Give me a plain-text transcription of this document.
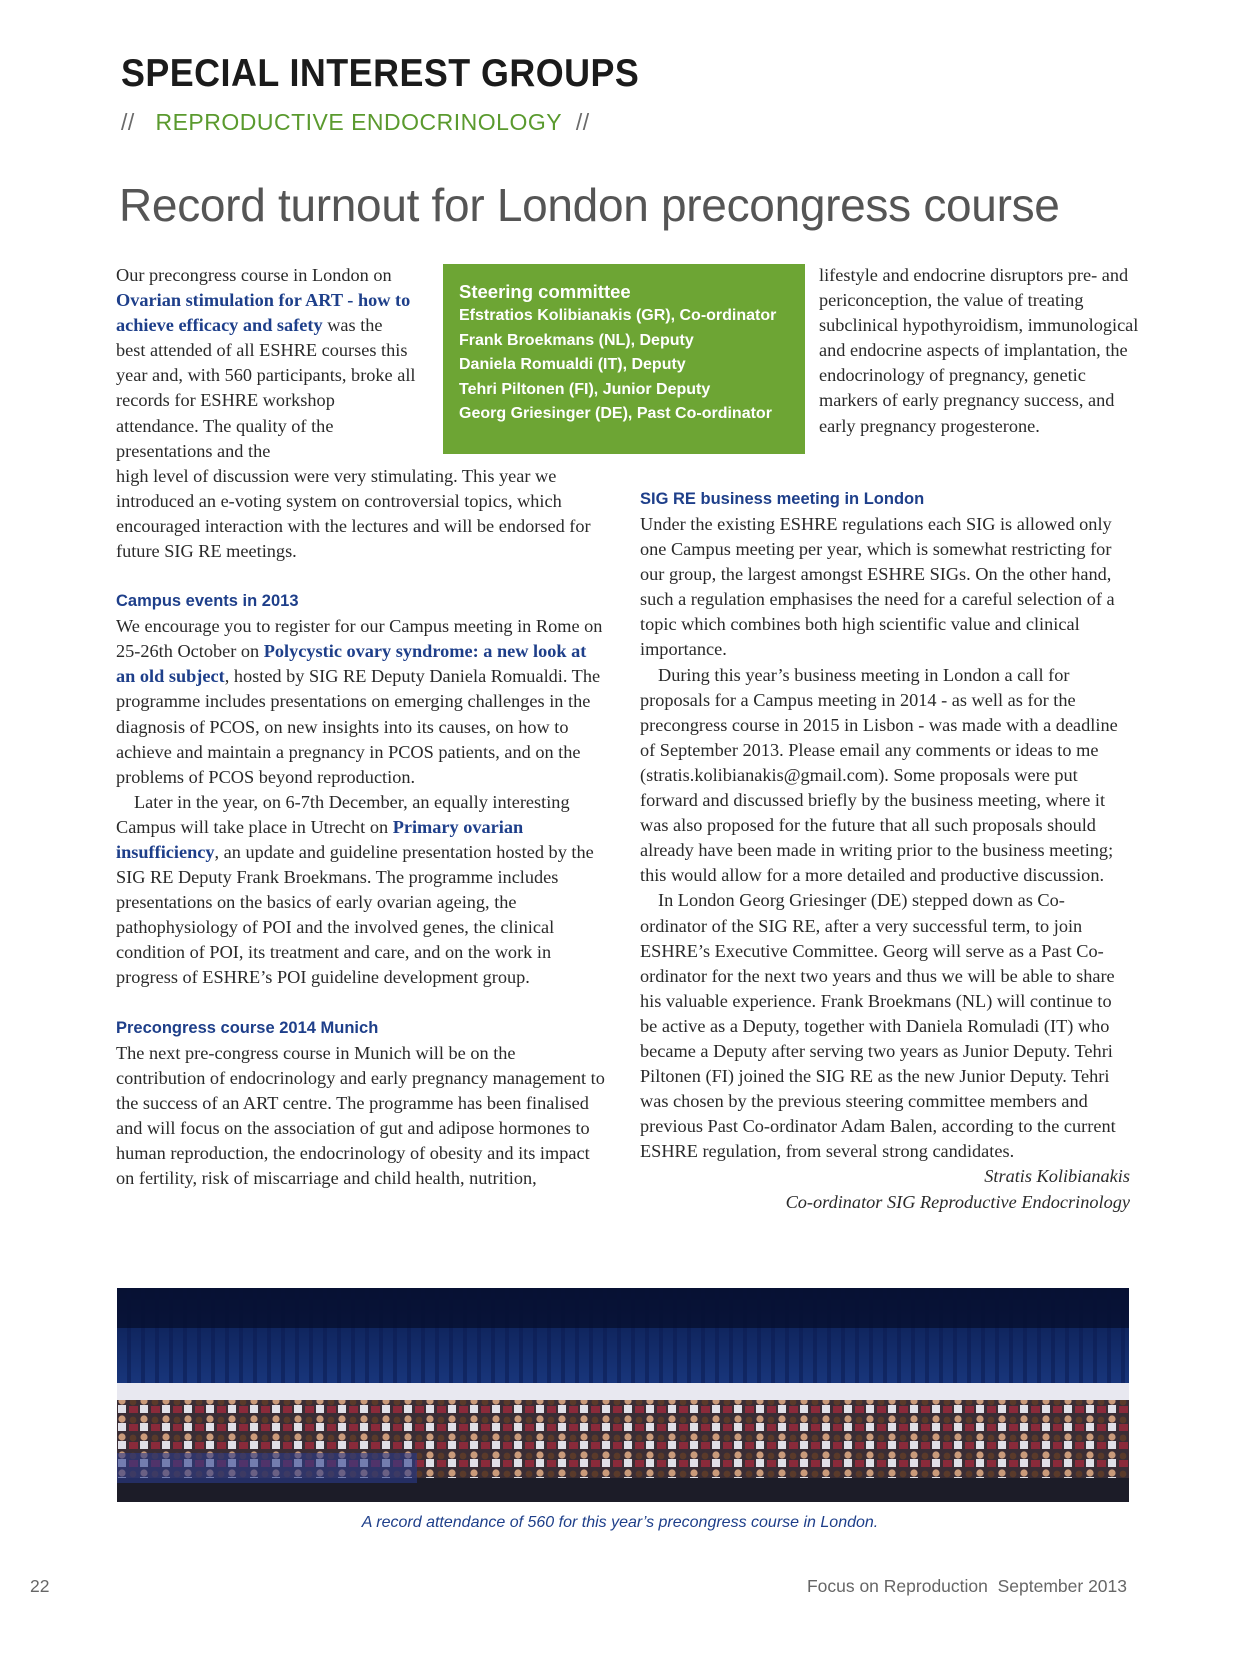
SPECIAL INTEREST GROUPS
// REPRODUCTIVE ENDOCRINOLOGY //
Record turnout for London precongress course
Steering committee
Efstratios Kolibianakis (GR), Co-ordinator
Frank Broekmans (NL), Deputy
Daniela Romualdi (IT), Deputy
Tehri Piltonen (FI), Junior Deputy
Georg Griesinger (DE), Past Co-ordinator

Our precongress course in London on Ovarian stimulation for ART - how to achieve efficacy and safety was the best attended of all ESHRE courses this year and, with 560 participants, broke all records for ESHRE workshop attendance. The quality of the presentations and the

high level of discussion were very stimulating. This year we introduced an e-voting system on controversial topics, which encouraged interaction with the lectures and will be endorsed for future SIG RE meetings.

Campus events in 2013

We encourage you to register for our Campus meeting in Rome on 25-26th October on Polycystic ovary syndrome: a new look at an old subject, hosted by SIG RE Deputy Daniela Romualdi. The programme includes presentations on emerging challenges in the diagnosis of PCOS, on new insights into its causes, on how to achieve and maintain a pregnancy in PCOS patients, and on the problems of PCOS beyond reproduction.

Later in the year, on 6-7th December, an equally interesting Campus will take place in Utrecht on Primary ovarian insufficiency, an update and guideline presentation hosted by the SIG RE Deputy Frank Broekmans. The programme includes presentations on the basics of early ovarian ageing, the pathophysiology of POI and the involved genes, the clinical condition of POI, its treatment and care, and on the work in progress of ESHRE’s POI guideline development group.

Precongress course 2014 Munich

The next pre-congress course in Munich will be on the contribution of endocrinology and early pregnancy management to the success of an ART centre. The programme has been finalised and will focus on the association of gut and adipose hormones to human reproduction, the endocrinology of obesity and its impact on fertility, risk of miscarriage and child health, nutrition,

lifestyle and endocrine disruptors pre- and periconception, the value of treating subclinical hypothyroidism, immunological and endocrine aspects of implantation, the endocrinology of pregnancy, genetic markers of early pregnancy success, and early pregnancy progesterone.

SIG RE business meeting in London

Under the existing ESHRE regulations each SIG is allowed only one Campus meeting per year, which is somewhat restricting for our group, the largest amongst ESHRE SIGs. On the other hand, such a regulation emphasises the need for a careful selection of a topic which combines both high scientific value and clinical importance.

During this year’s business meeting in London a call for proposals for a Campus meeting in 2014 - as well as for the precongress course in 2015 in Lisbon - was made with a deadline of September 2013. Please email any comments or ideas to me (stratis.kolibianakis@gmail.com). Some proposals were put forward and discussed briefly by the business meeting, where it was also proposed for the future that all such proposals should already have been made in writing prior to the business meeting; this would allow for a more detailed and productive discussion.

In London Georg Griesinger (DE) stepped down as Co-ordinator of the SIG RE, after a very successful term, to join ESHRE’s Executive Committee. Georg will serve as a Past Co-ordinator for the next two years and thus we will be able to share his valuable experience. Frank Broekmans (NL) will continue to be active as a Deputy, together with Daniela Romuladi (IT) who became a Deputy after serving two years as Junior Deputy. Tehri Piltonen (FI) joined the SIG RE as the new Junior Deputy. Tehri was chosen by the previous steering committee members and previous Past Co-ordinator Adam Balen, according to the current ESHRE regulation, from several strong candidates.

Stratis Kolibianakis

Co-ordinator SIG Reproductive Endocrinology

A record attendance of 560 for this year’s precongress course in London.
22	Focus on Reproduction  September 2013
